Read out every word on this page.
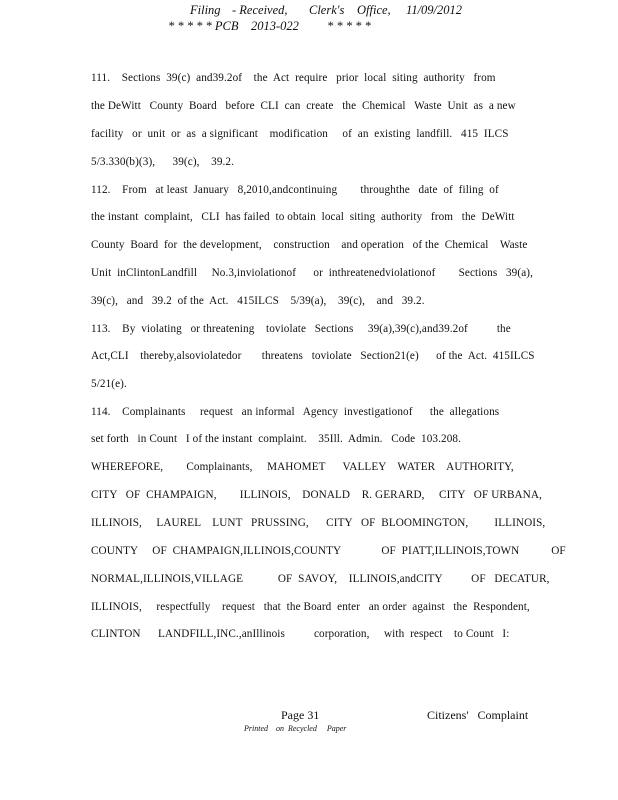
Filing - Received, Clerk's Office, 11/09/2012
* * * * * PCB    2013-022         * * * * *
111.    Sections  39(c)  and39.2of    the  Act  require   prior  local  siting  authority   from
the DeWitt   County  Board   before  CLI  can  create   the  Chemical   Waste  Unit  as  a new
facility   or  unit  or  as  a significant    modification     of  an  existing  landfill.   415  ILCS
5/3.330(b)(3),      39(c),    39.2.
112.    From   at least  January   8,2010,andcontinuing        throughthe   date  of  filing  of
the instant  complaint,   CLI  has failed  to obtain  local  siting  authority   from   the  DeWitt
County  Board  for  the development,    construction    and operation   of the  Chemical    Waste
Unit  inClintonLandfill     No.3,inviolationof      or  inthreatenedviolationof        Sections   39(a),
39(c),   and   39.2  of the  Act.   415ILCS    5/39(a),    39(c),    and   39.2.
113.    By  violating   or threatening    toviolate   Sections     39(a),39(c),and39.2of          the
Act,CLI    thereby,alsoviolatedor       threatens   toviolate   Section21(e)      of the  Act.  415ILCS
5/21(e).
114.    Complainants     request   an informal   Agency  investigationof      the  allegations
set forth   in Count   I of the instant  complaint.    35Ill.  Admin.   Code  103.208.
WHEREFORE,        Complainants,     MAHOMET      VALLEY    WATER    AUTHORITY,
CITY   OF  CHAMPAIGN,        ILLINOIS,    DONALD    R. GERARD,     CITY   OF URBANA,
ILLINOIS,     LAUREL    LUNT   PRUSSING,      CITY   OF  BLOOMINGTON,         ILLINOIS,
COUNTY     OF  CHAMPAIGN,ILLINOIS,COUNTY              OF  PIATT,ILLINOIS,TOWN           OF
NORMAL,ILLINOIS,VILLAGE            OF  SAVOY,    ILLINOIS,andCITY          OF   DECATUR,
ILLINOIS,     respectfully    request   that  the Board  enter   an order  against   the  Respondent,
CLINTON      LANDFILL,INC.,anIllinois          corporation,     with  respect    to Count   I:
Page 31	Citizens'   Complaint
Printed    on  Recycled     Paper
